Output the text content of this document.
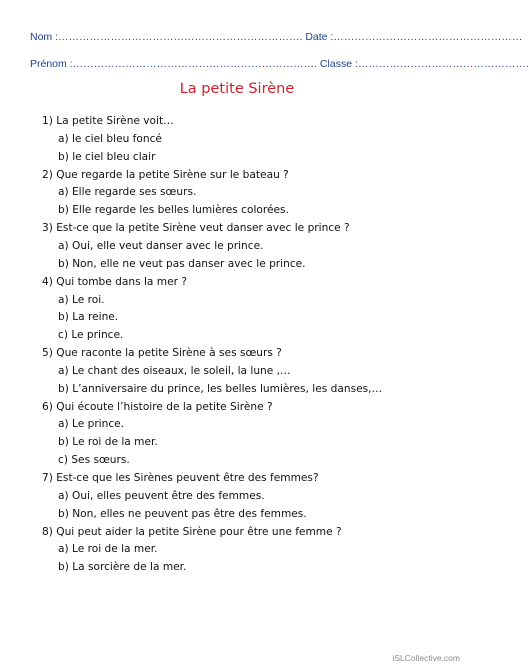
Nom :……………………………………………………………. Date :………………………………………………
Prénom :……………………………………………………………. Classe :………………………………………….
La petite Sirène
1) La petite Sirène voit…
a) le ciel bleu foncé
b) le ciel bleu clair
2) Que regarde la petite Sirène sur le bateau ?
a) Elle regarde ses sœurs.
b) Elle regarde les belles lumières colorées.
3) Est-ce que la petite Sirène veut danser avec le prince ?
a) Oui, elle veut danser avec le prince.
b) Non, elle ne veut pas danser avec le prince.
4) Qui tombe dans la mer ?
a) Le roi.
b) La reine.
c) Le prince.
5) Que raconte la petite Sirène à ses sœurs ?
a) Le chant des oiseaux, le soleil, la lune ,…
b) L’anniversaire du prince, les belles lumières, les danses,…
6) Qui écoute l’histoire de la petite Sirène ?
a) Le prince.
b) Le roi de la mer.
c) Ses sœurs.
7) Est-ce que les Sirènes peuvent être des femmes?
a) Oui, elles peuvent être des femmes.
b) Non, elles ne peuvent pas être des femmes.
8) Qui peut aider la petite Sirène pour être une femme ?
a) Le roi de la mer.
b) La sorcière de la mer.
iSLCollective.com
